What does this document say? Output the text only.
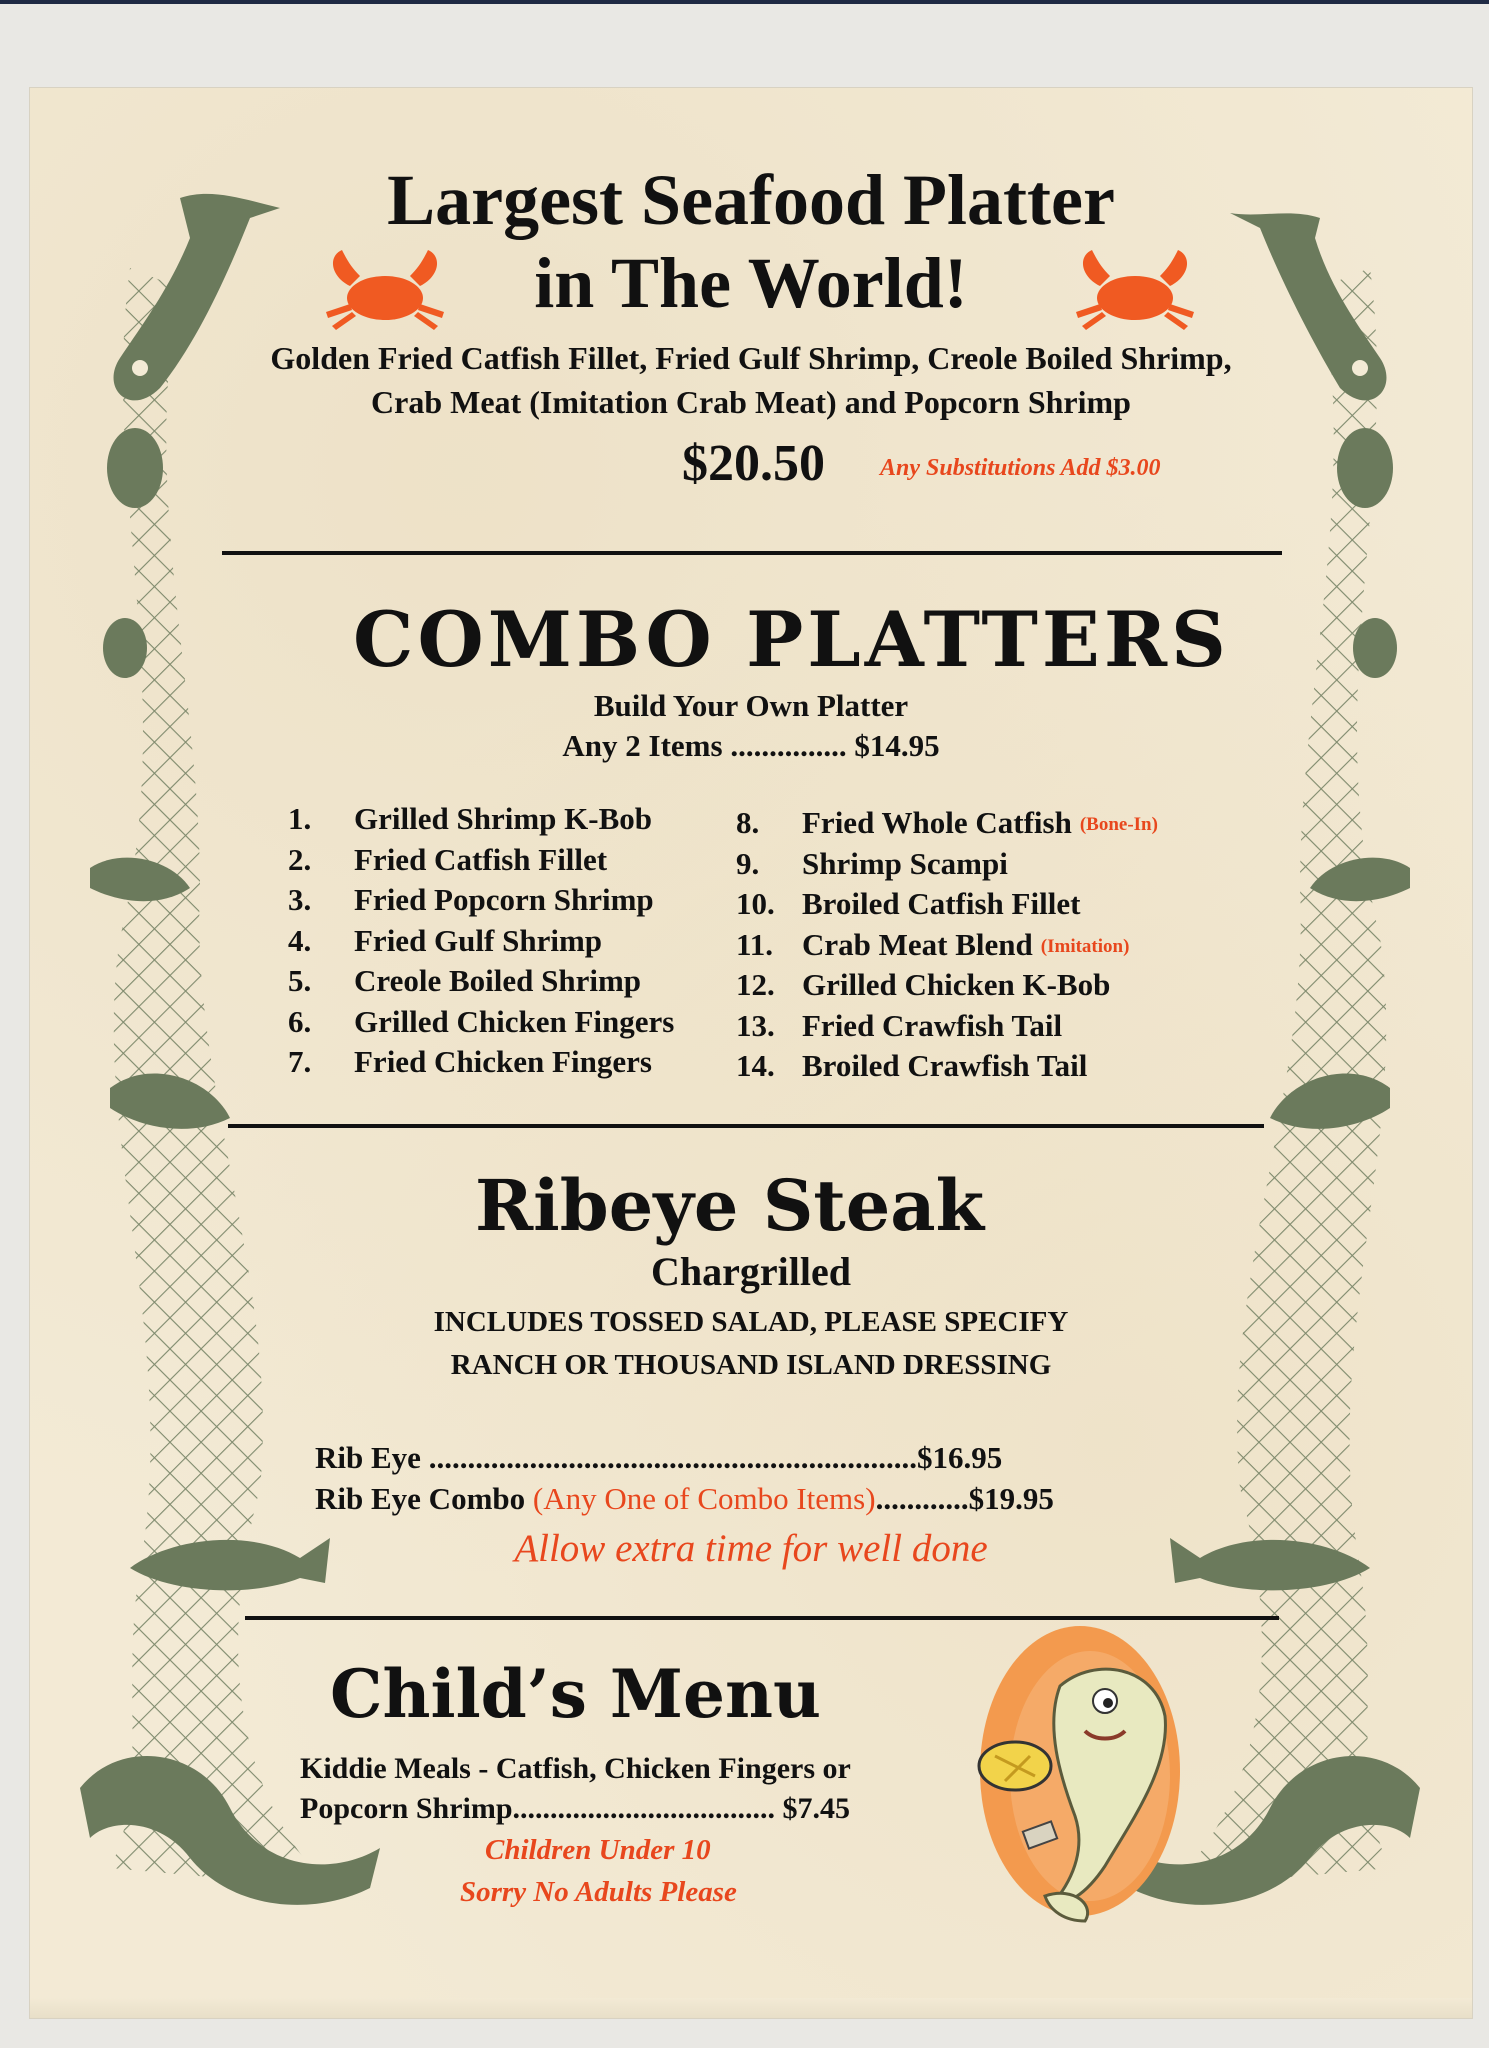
Largest Seafood Platter
in The World!
Golden Fried Catfish Fillet, Fried Gulf Shrimp, Creole Boiled Shrimp,
Crab Meat (Imitation Crab Meat) and Popcorn Shrimp
$20.50 Any Substitutions Add $3.00
COMBO PLATTERS
Build Your Own Platter
Any 2 Items ............... $14.95
1.	Grilled Shrimp K-Bob
2.	Fried Catfish Fillet
3.	Fried Popcorn Shrimp
4.	Fried Gulf Shrimp
5.	Creole Boiled Shrimp
6.	Grilled Chicken Fingers
7.	Fried Chicken Fingers
8.	Fried Whole Catfish (Bone-In)
9.	Shrimp Scampi
10. Broiled Catfish Fillet
11. Crab Meat Blend (Imitation)
12. Grilled Chicken K-Bob
13. Fried Crawfish Tail
14. Broiled Crawfish Tail
Ribeye Steak
Chargrilled
INCLUDES TOSSED SALAD, PLEASE SPECIFY
RANCH OR THOUSAND ISLAND DRESSING
Rib Eye ...............................................................$16.95
Rib Eye Combo (Any One of Combo Items)............$19.95
Allow extra time for well done
Child’s Menu
Kiddie Meals - Catfish, Chicken Fingers or
Popcorn Shrimp................................... $7.45
Children Under 10
Sorry No Adults Please
